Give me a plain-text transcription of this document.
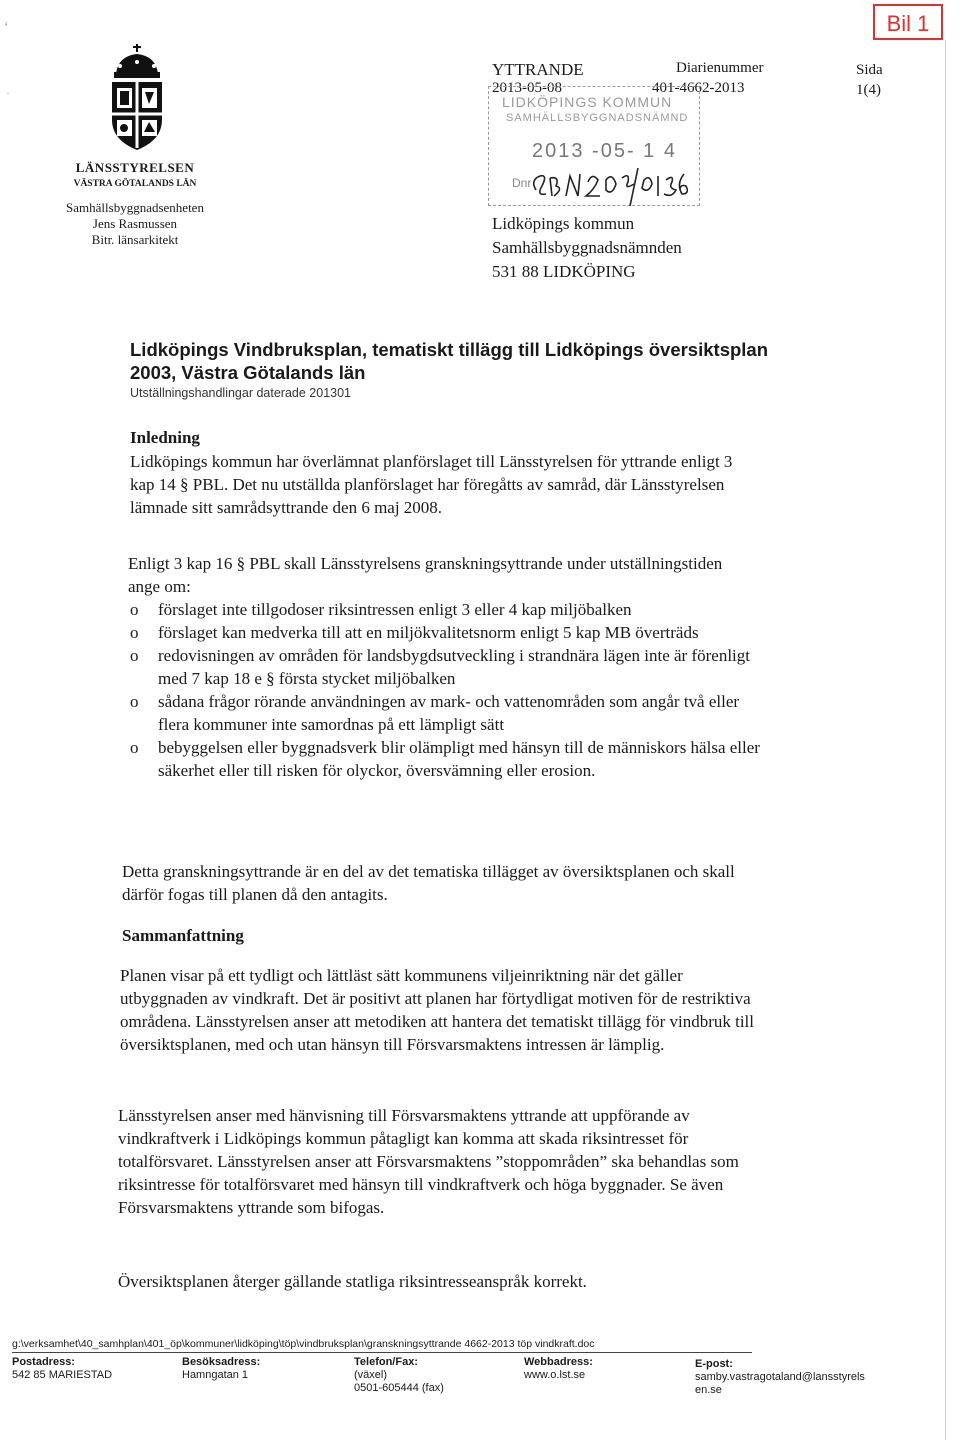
Bil 1
ʻ
·
LÄNSSTYRELSEN
VÄSTRA GÖTALANDS LÄN
Samhällsbyggnadsenheten
Jens Rasmussen
Bitr. länsarkitekt
YTTRANDE
2013-05-08
Diarienummer
401-4662-2013
Sida
1(4)
LIDKÖPINGS KOMMUN
SAMHÄLLSBYGGNADSNÄMND
2013 -05- 1 4
Dnr
Lidköpings kommun
Samhällsbyggnadsnämnden
531 88 LIDKÖPING
Lidköpings Vindbruksplan, tematiskt tillägg till Lidköpings översiktsplan 2003, Västra Götalands län
Utställningshandlingar daterade 201301
Inledning
Lidköpings kommun har överlämnat planförslaget till Länsstyrelsen för yttrande enligt 3 kap 14 § PBL. Det nu utställda planförslaget har föregåtts av samråd, där Länsstyrelsen lämnade sitt samrådsyttrande den 6 maj 2008.
Enligt 3 kap 16 § PBL skall Länsstyrelsens granskningsyttrande under utställningstiden ange om:
o förslaget inte tillgodoser riksintressen enligt 3 eller 4 kap miljöbalken
o förslaget kan medverka till att en miljökvalitetsnorm enligt 5 kap MB överträds
o redovisningen av områden för landsbygdsutveckling i strandnära lägen inte är förenligt med 7 kap 18 e § första stycket miljöbalken
o sådana frågor rörande användningen av mark- och vattenområden som angår två eller flera kommuner inte samordnas på ett lämpligt sätt
o bebyggelsen eller byggnadsverk blir olämpligt med hänsyn till de människors hälsa eller säkerhet eller till risken för olyckor, översvämning eller erosion.
Detta granskningsyttrande är en del av det tematiska tillägget av översiktsplanen och skall därför fogas till planen då den antagits.
Sammanfattning
Planen visar på ett tydligt och lättläst sätt kommunens viljeinriktning när det gäller utbyggnaden av vindkraft. Det är positivt att planen har förtydligat motiven för de restriktiva områdena. Länsstyrelsen anser att metodiken att hantera det tematiskt tillägg för vindbruk till översiktsplanen, med och utan hänsyn till Försvarsmaktens intressen är lämplig.
Länsstyrelsen anser med hänvisning till Försvarsmaktens yttrande att uppförande av vindkraftverk i Lidköpings kommun påtagligt kan komma att skada riksintresset för totalförsvaret. Länsstyrelsen anser att Försvarsmaktens ”stoppområden” ska behandlas som riksintresse för totalförsvaret med hänsyn till vindkraftverk och höga byggnader. Se även Försvarsmaktens yttrande som bifogas.
Översiktsplanen återger gällande statliga riksintresseanspråk korrekt.
g:\verksamhet\40_samhplan\401_öp\kommuner\lidköping\töp\vindbruksplan\granskningsyttrande 4662-2013 töp vindkraft.doc
Postadress:
542 85 MARIESTAD
Besöksadress:
Hamngatan 1
Telefon/Fax:
(växel)
0501-605444 (fax)
Webbadress:
www.o.lst.se
E-post:
samby.vastragotaland@lansstyrelsen.se
